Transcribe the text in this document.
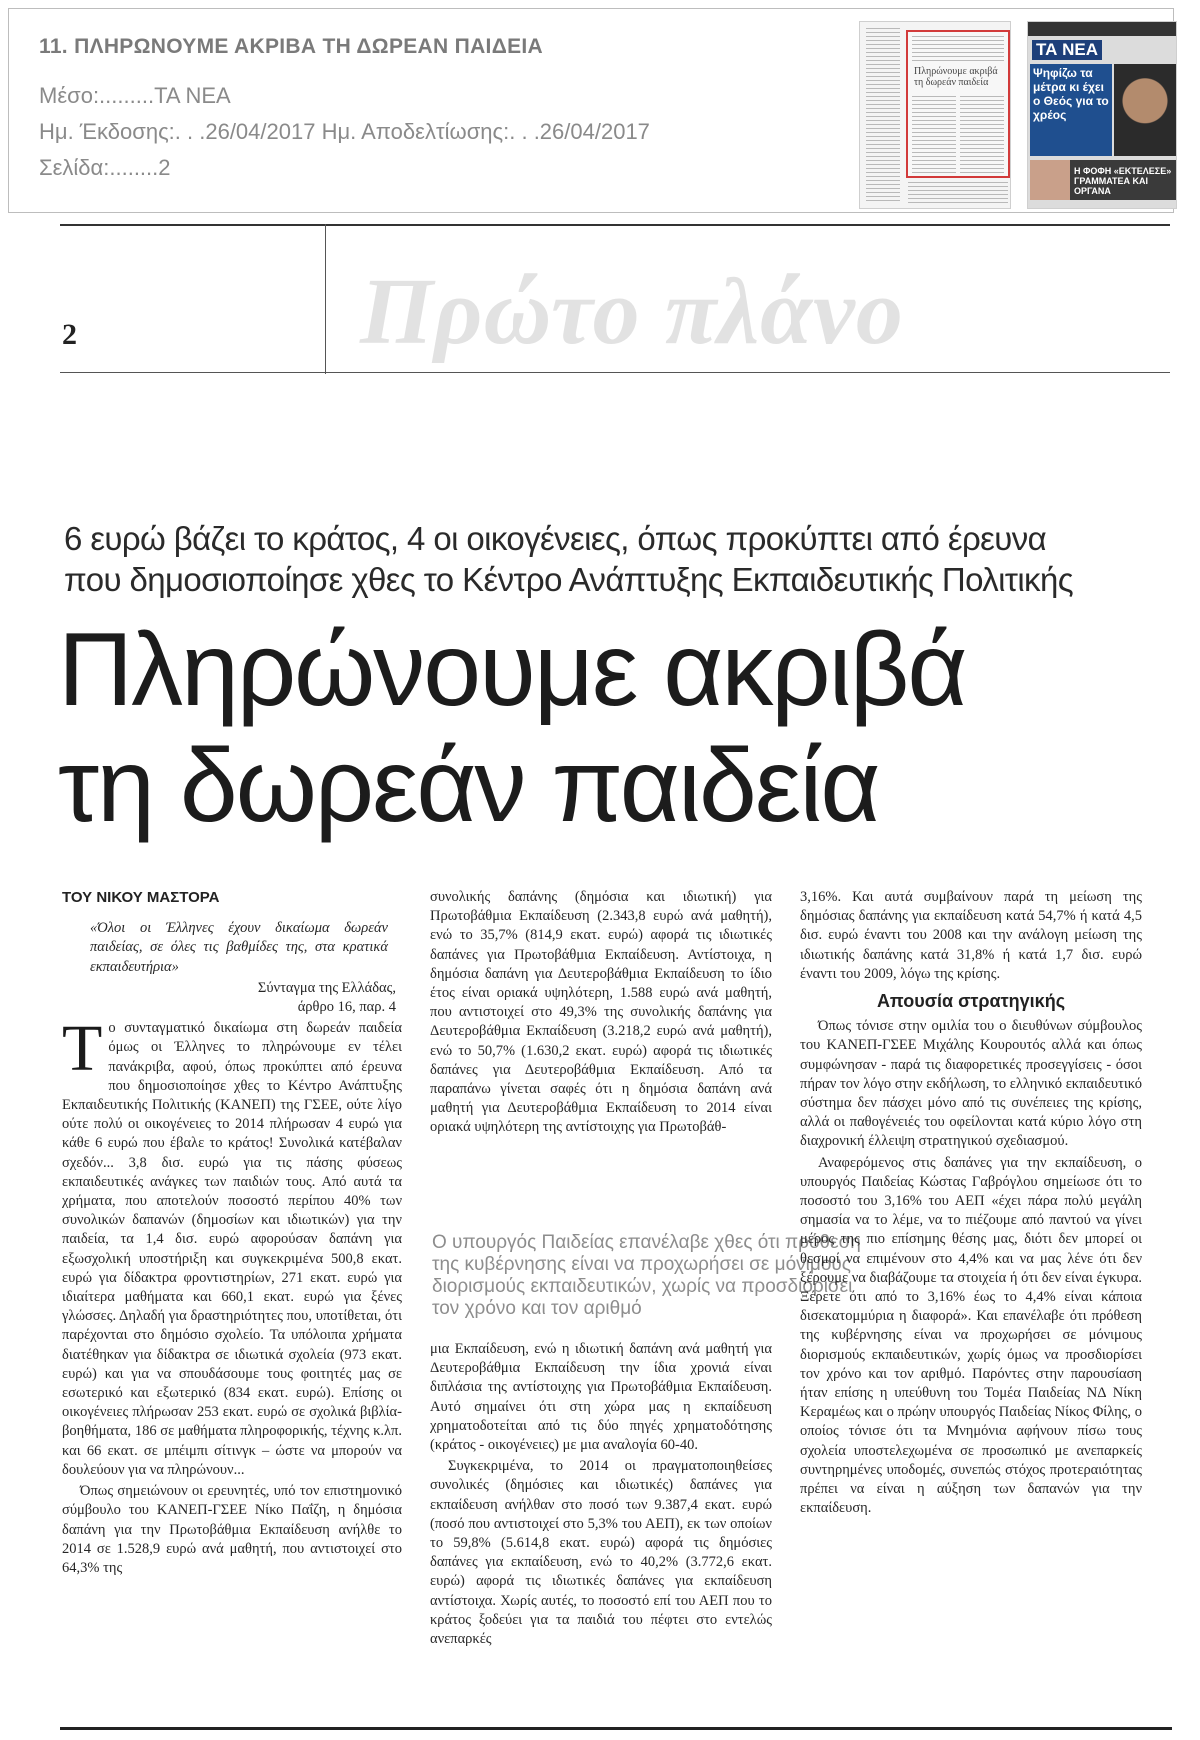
11. ΠΛΗΡΩΝΟΥΜΕ ΑΚΡΙΒΑ ΤΗ ΔΩΡΕΑΝ ΠΑΙΔΕΙΑ
Μέσο:.........ΤΑ ΝΕΑ
Ημ. Έκδοσης:. . .26/04/2017 Ημ. Αποδελτίωσης:. . .26/04/2017
Σελίδα:........2
Πληρώνουμε ακριβά τη δωρεάν παιδεία
ΤΑ ΝΕΑ
Ψηφίζω τα μέτρα κι έχει ο Θεός για το χρέος
Η ΦΟΦΗ «ΕΚΤΕΛΕΣΕ» ΓΡΑΜΜΑΤΕΑ ΚΑΙ ΟΡΓΑΝΑ
2	Πρώτο πλάνο
6 ευρώ βάζει το κράτος, 4 οι οικογένειες, όπως προκύπτει από έρευνα
που δημοσιοποίησε χθες το Κέντρο Ανάπτυξης Εκπαιδευτικής Πολιτικής
Πληρώνουμε ακριβά
τη δωρεάν παιδεία
ΤΟΥ ΝΙΚΟΥ ΜΑΣΤΟΡΑ

«Όλοι οι Έλληνες έχουν δικαίωμα δωρεάν παιδείας, σε όλες τις βαθμίδες της, στα κρατικά εκπαιδευτήρια»

Σύνταγμα της Ελλάδας,
άρθρο 16, παρ. 4

Το συνταγματικό δικαίωμα στη δωρεάν παιδεία όμως οι Έλληνες το πληρώνουμε εν τέλει πανάκριβα, αφού, όπως προκύπτει από έρευνα που δημοσιοποίησε χθες το Κέντρο Ανάπτυξης Εκπαιδευτικής Πολιτικής (ΚΑΝΕΠ) της ΓΣΕΕ, ούτε λίγο ούτε πολύ οι οικογένειες το 2014 πλήρωσαν 4 ευρώ για κάθε 6 ευρώ που έβαλε το κράτος! Συνολικά κατέβαλαν σχεδόν... 3,8 δισ. ευρώ για τις πάσης φύσεως εκπαιδευτικές ανάγκες των παιδιών τους. Από αυτά τα χρήματα, που αποτελούν ποσοστό περίπου 40% των συνολικών δαπανών (δημοσίων και ιδιωτικών) για την παιδεία, τα 1,4 δισ. ευρώ αφορούσαν δαπάνη για εξωσχολική υποστήριξη και συγκεκριμένα 500,8 εκατ. ευρώ για δίδακτρα φροντιστηρίων, 271 εκατ. ευρώ για ιδιαίτερα μαθήματα και 660,1 εκατ. ευρώ για ξένες γλώσσες. Δηλαδή για δραστηριότητες που, υποτίθεται, ότι παρέχονται στο δημόσιο σχολείο. Τα υπόλοιπα χρήματα διατέθηκαν για δίδακτρα σε ιδιωτικά σχολεία (973 εκατ. ευρώ) και για να σπουδάσουμε τους φοιτητές μας σε εσωτερικό και εξωτερικό (834 εκατ. ευρώ). Επίσης οι οικογένειες πλήρωσαν 253 εκατ. ευρώ σε σχολικά βιβλία-βοηθήματα, 186 σε μαθήματα πληροφορικής, τέχνης κ.λπ. και 66 εκατ. σε μπέιμπι σίτινγκ – ώστε να μπορούν να δουλεύουν για να πληρώνουν...

Όπως σημειώνουν οι ερευνητές, υπό τον επιστημονικό σύμβουλο του ΚΑΝΕΠ-ΓΣΕΕ Νίκο Παΐζη, η δημόσια δαπάνη για την Πρωτοβάθμια Εκπαίδευση ανήλθε το 2014 σε 1.528,9 ευρώ ανά μαθητή, που αντιστοιχεί στο 64,3% της

συνολικής δαπάνης (δημόσια και ιδιωτική) για Πρωτοβάθμια Εκπαίδευση (2.343,8 ευρώ ανά μαθητή), ενώ το 35,7% (814,9 εκατ. ευρώ) αφορά τις ιδιωτικές δαπάνες για Πρωτοβάθμια Εκπαίδευση. Αντίστοιχα, η δημόσια δαπάνη για Δευτεροβάθμια Εκπαίδευση το ίδιο έτος είναι οριακά υψηλότερη, 1.588 ευρώ ανά μαθητή, που αντιστοιχεί στο 49,3% της συνολικής δαπάνης για Δευτεροβάθμια Εκπαίδευση (3.218,2 ευρώ ανά μαθητή), ενώ το 50,7% (1.630,2 εκατ. ευρώ) αφορά τις ιδιωτικές δαπάνες για Δευτεροβάθμια Εκπαίδευση. Από τα παραπάνω γίνεται σαφές ότι η δημόσια δαπάνη ανά μαθητή για Δευτεροβάθμια Εκπαίδευση το 2014 είναι οριακά υψηλότερη της αντίστοιχης για Πρωτοβάθ-

Ο υπουργός Παιδείας επανέλαβε χθες ότι πρόθεση της κυβέρνησης είναι να προχωρήσει σε μόνιμους διορισμούς εκπαιδευτικών, χωρίς να προσδιορίσει τον χρόνο και τον αριθμό

μια Εκπαίδευση, ενώ η ιδιωτική δαπάνη ανά μαθητή για Δευτεροβάθμια Εκπαίδευση την ίδια χρονιά είναι διπλάσια της αντίστοιχης για Πρωτοβάθμια Εκπαίδευση. Αυτό σημαίνει ότι στη χώρα μας η εκπαίδευση χρηματοδοτείται από τις δύο πηγές χρηματοδότησης (κράτος - οικογένειες) με μια αναλογία 60-40.

Συγκεκριμένα, το 2014 οι πραγματοποιηθείσες συνολικές (δημόσιες και ιδιωτικές) δαπάνες για εκπαίδευση ανήλθαν στο ποσό των 9.387,4 εκατ. ευρώ (ποσό που αντιστοιχεί στο 5,3% του ΑΕΠ), εκ των οποίων το 59,8% (5.614,8 εκατ. ευρώ) αφορά τις δημόσιες δαπάνες για εκπαίδευση, ενώ το 40,2% (3.772,6 εκατ. ευρώ) αφορά τις ιδιωτικές δαπάνες για εκπαίδευση αντίστοιχα. Χωρίς αυτές, το ποσοστό επί του ΑΕΠ που το κράτος ξοδεύει για τα παιδιά του πέφτει στο εντελώς ανεπαρκές

3,16%. Και αυτά συμβαίνουν παρά τη μείωση της δημόσιας δαπάνης για εκπαίδευση κατά 54,7% ή κατά 4,5 δισ. ευρώ έναντι του 2008 και την ανάλογη μείωση της ιδιωτικής δαπάνης κατά 31,8% ή κατά 1,7 δισ. ευρώ έναντι του 2009, λόγω της κρίσης.

Απουσία στρατηγικής

Όπως τόνισε στην ομιλία του ο διευθύνων σύμβουλος του ΚΑΝΕΠ-ΓΣΕΕ Μιχάλης Κουρουτός αλλά και όπως συμφώνησαν - παρά τις διαφορετικές προσεγγίσεις - όσοι πήραν τον λόγο στην εκδήλωση, το ελληνικό εκπαιδευτικό σύστημα δεν πάσχει μόνο από τις συνέπειες της κρίσης, αλλά οι παθογένειές του οφείλονται κατά κύριο λόγο στη διαχρονική έλλειψη στρατηγικού σχεδιασμού.

Αναφερόμενος στις δαπάνες για την εκπαίδευση, ο υπουργός Παιδείας Κώστας Γαβρόγλου σημείωσε ότι το ποσοστό του 3,16% του ΑΕΠ «έχει πάρα πολύ μεγάλη σημασία να το λέμε, να το πιέζουμε από παντού να γίνει μέρος της πιο επίσημης θέσης μας, διότι δεν μπορεί οι θεσμοί να επιμένουν στο 4,4% και να μας λένε ότι δεν ξέρουμε να διαβάζουμε τα στοιχεία ή ότι δεν είναι έγκυρα. Ξέρετε ότι από το 3,16% έως το 4,4% είναι κάποια δισεκατομμύρια η διαφορά». Και επανέλαβε ότι πρόθεση της κυβέρνησης είναι να προχωρήσει σε μόνιμους διορισμούς εκπαιδευτικών, χωρίς όμως να προσδιορίσει τον χρόνο και τον αριθμό. Παρόντες στην παρουσίαση ήταν επίσης η υπεύθυνη του Τομέα Παιδείας ΝΔ Νίκη Κεραμέως και ο πρώην υπουργός Παιδείας Νίκος Φίλης, ο οποίος τόνισε ότι τα Μνημόνια αφήνουν πίσω τους σχολεία υποστελεχωμένα σε προσωπικό με ανεπαρκείς συντηρημένες υποδομές, συνεπώς στόχος προτεραιότητας πρέπει να είναι η αύξηση των δαπανών για την εκπαίδευση.
